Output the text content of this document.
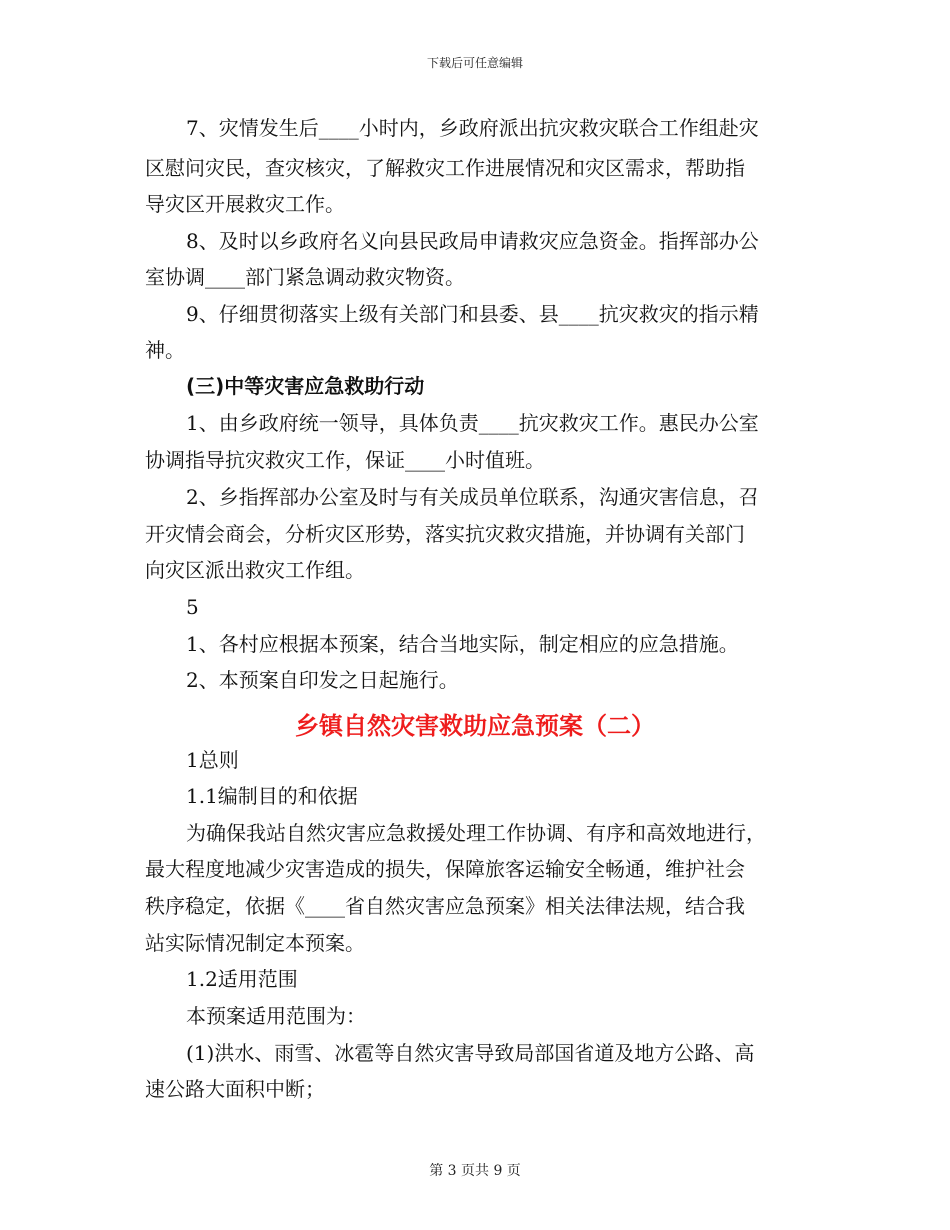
下载后可任意编辑
7、灾情发生后____小时内，乡政府派出抗灾救灾联合工作组赴灾
区慰问灾民，查灾核灾，了解救灾工作进展情况和灾区需求，帮助指
导灾区开展救灾工作。
8、及时以乡政府名义向县民政局申请救灾应急资金。指挥部办公
室协调____部门紧急调动救灾物资。
9、仔细贯彻落实上级有关部门和县委、县____抗灾救灾的指示精
神。
(三)中等灾害应急救助行动
1、由乡政府统一领导，具体负责____抗灾救灾工作。惠民办公室
协调指导抗灾救灾工作，保证____小时值班。
2、乡指挥部办公室及时与有关成员单位联系，沟通灾害信息，召
开灾情会商会，分析灾区形势，落实抗灾救灾措施，并协调有关部门
向灾区派出救灾工作组。
5
1、各村应根据本预案，结合当地实际，制定相应的应急措施。
2、本预案自印发之日起施行。
乡镇自然灾害救助应急预案（二）
1总则
1.1编制目的和依据
为确保我站自然灾害应急救援处理工作协调、有序和高效地进行，
最大程度地减少灾害造成的损失，保障旅客运输安全畅通，维护社会
秩序稳定，依据《____省自然灾害应急预案》相关法律法规，结合我
站实际情况制定本预案。
1.2适用范围
本预案适用范围为：
(1)洪水、雨雪、冰雹等自然灾害导致局部国省道及地方公路、高
速公路大面积中断；
第 3 页共 9 页
